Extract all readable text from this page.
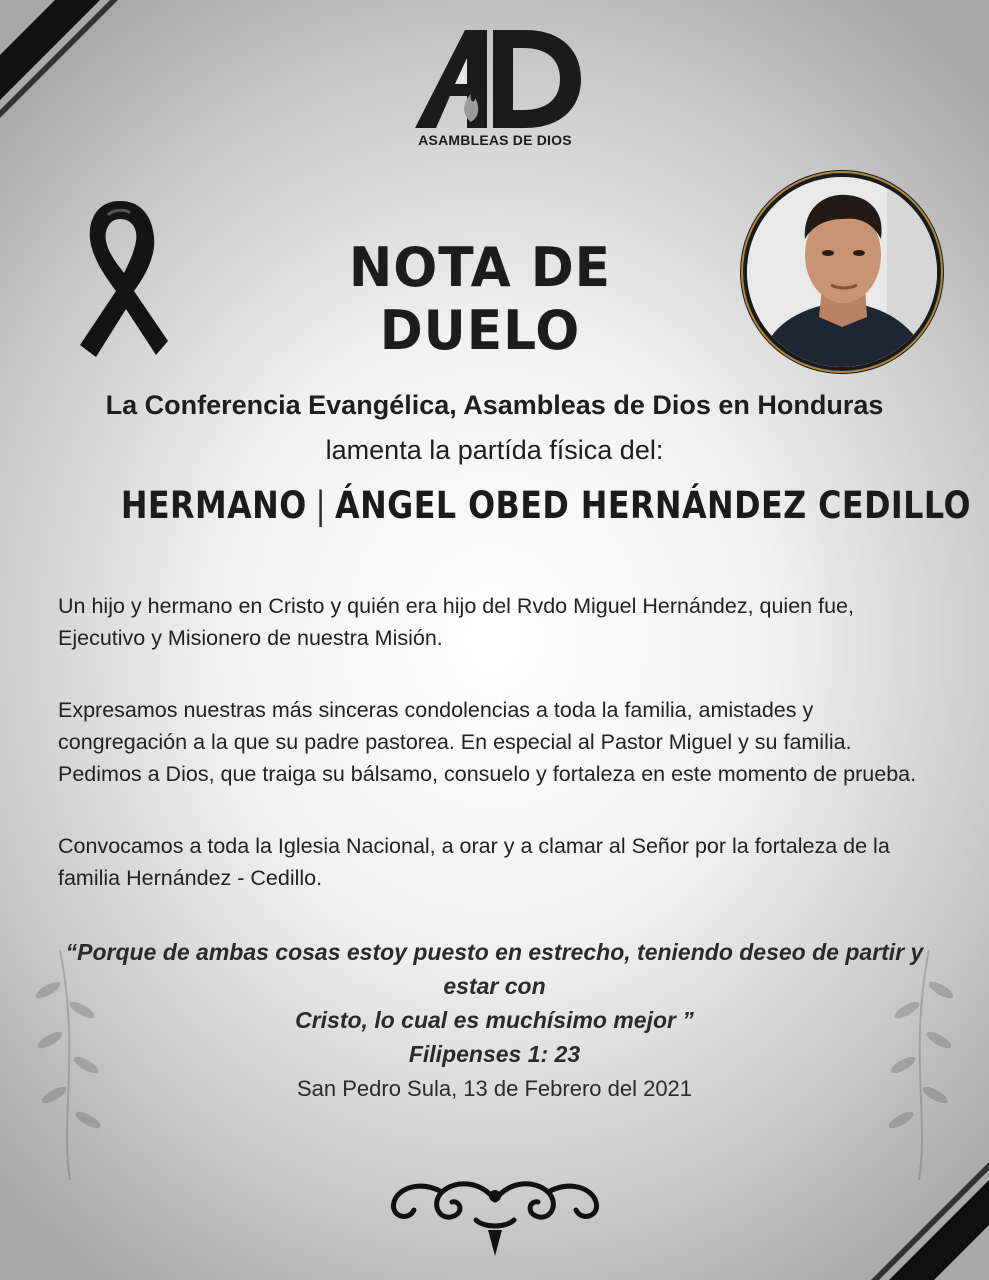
ASAMBLEAS DE DIOS
NOTA DE DUELO
La Conferencia Evangélica, Asambleas de Dios en Honduras
lamenta la partída física del:
HERMANO | ÁNGEL OBED HERNÁNDEZ CEDILLO

Un hijo y hermano en Cristo y quién era hijo del Rvdo Miguel Hernández, quien fue, Ejecutivo y Misionero de nuestra Misión.

Expresamos nuestras más sinceras condolencias a toda la familia, amistades y congregación a la que su padre pastorea. En especial al Pastor Miguel y su familia.

Pedimos a Dios, que traiga su bálsamo, consuelo y fortaleza en este momento de prueba.

Convocamos a toda la Iglesia Nacional, a orar y a clamar al Señor por la fortaleza de la familia Hernández - Cedillo.

“Porque de ambas cosas estoy puesto en estrecho, teniendo deseo de partir y estar con

Cristo, lo cual es muchísimo mejor ”

Filipenses 1: 23

San Pedro Sula, 13 de Febrero del 2021
